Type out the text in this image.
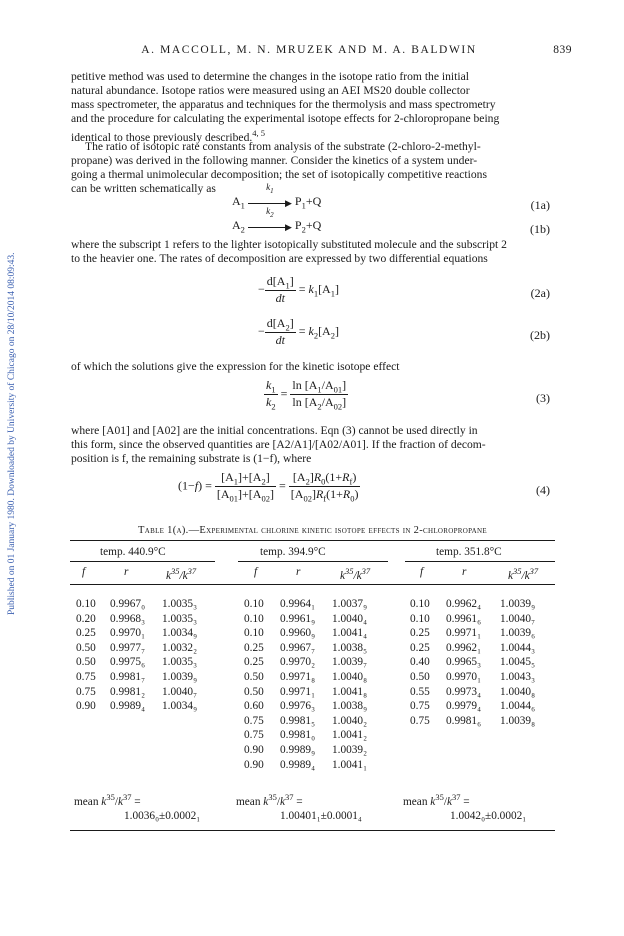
Published on 01 January 1980. Downloaded by University of Chicago on 28/10/2014 08:09:43.
A. MACCOLL, M. N. MRUZEK AND M. A. BALDWIN	839
petitive method was used to determine the changes in the isotope ratio from the initial
natural abundance. Isotope ratios were measured using an AEI MS20 double collector
mass spectrometer, the apparatus and techniques for the thermolysis and mass spectrometry
and the procedure for calculating the experimental isotope effects for 2-chloropropane being
identical to those previously described.$^{4, 5}$
The ratio of isotopic rate constants from analysis of the substrate (2-chloro-2-methyl-
propane) was derived in the following manner. Consider the kinetics of a system under-
going a thermal unimolecular decomposition; the set of isotopically competitive reactions
can be written schematically as
$A_1$
$k_1$
▶ $P_1+Q$	(1a)
$A_2$
$k_2$
▶ $P_2+Q$	(1b)
where the subscript 1 refers to the lighter isotopically substituted molecule and the subscript 2
to the heavier one. The rates of decomposition are expressed by two differential equations
− $\frac{d[A_1]}{dt} = k_1[A_1]$	(2a)
− $\frac{d[A_2]}{dt} = k_2[A_2]$	(2b)
of which the solutions give the expression for the kinetic isotope effect
$\frac{k_1}{k_2} = \frac{\ln [A_1/A_{01}]}{\ln [A_2/A_{02}]}$	(3)
where [A01] and [A02] are the initial concentrations. Eqn (3) cannot be used directly in
this form, since the observed quantities are [A2/A1]/[A02/A01]. If the fraction of decom-
position is f, the remaining substrate is (1−f), where
$(1-f) = \frac{[A_1]+[A_2]}{[A_{01}]+[A_{02}]} = \frac{[A_2]R_0(1+R_f)}{[A_{02}]R_f(1+R_0)}$	(4)
Table 1(a).—Experimental chlorine kinetic isotope effects in 2-chloropropane
temp. 440.9°C	temp. 394.9°C	temp. 351.8°C
f	r	$k^{35}/k^{37}$	f	r	$k^{35}/k^{37}$	f	r	$k^{35}/k^{37}$
0.10 0.9967₀ 1.0035₃
0.20 0.9968₃ 1.0035₃
0.25 0.9970₁ 1.0034₉
0.50 0.9977₇ 1.0032₂
0.50 0.9975₆ 1.0035₃
0.75 0.9981₇ 1.0039₉
0.75 0.9981₂ 1.0040₇
0.90 0.9989₄ 1.0034₉
0.10 0.9964₁ 1.0037₉
0.10 0.9961₉ 1.0040₄
0.10 0.9960₉ 1.0041₄
0.25 0.9967₇ 1.0038₅
0.25 0.9970₂ 1.0039₇
0.50 0.9971₈ 1.0040₈
0.50 0.9971₁ 1.0041₈
0.60 0.9976₃ 1.0038₉
0.75 0.9981₅ 1.0040₂
0.75 0.9981₀ 1.0041₂
0.90 0.9989₉ 1.0039₂
0.90 0.9989₄ 1.0041₁
0.10 0.9962₄ 1.0039₉
0.10 0.9961₆ 1.0040₇
0.25 0.9971₁ 1.0039₆
0.25 0.9962₁ 1.0044₃
0.40 0.9965₃ 1.0045₅
0.50 0.9970₁ 1.0043₃
0.55 0.9973₄ 1.0040₈
0.75 0.9979₄ 1.0044₆
0.75 0.9981₆ 1.0039₈
mean $k^{35}/k^{37}$ =
1.0036₀±0.0002₁
mean $k^{35}/k^{37}$ =
1.00401₁±0.0001₄
mean $k^{35}/k^{37}$ =
1.0042₀±0.0002₁
